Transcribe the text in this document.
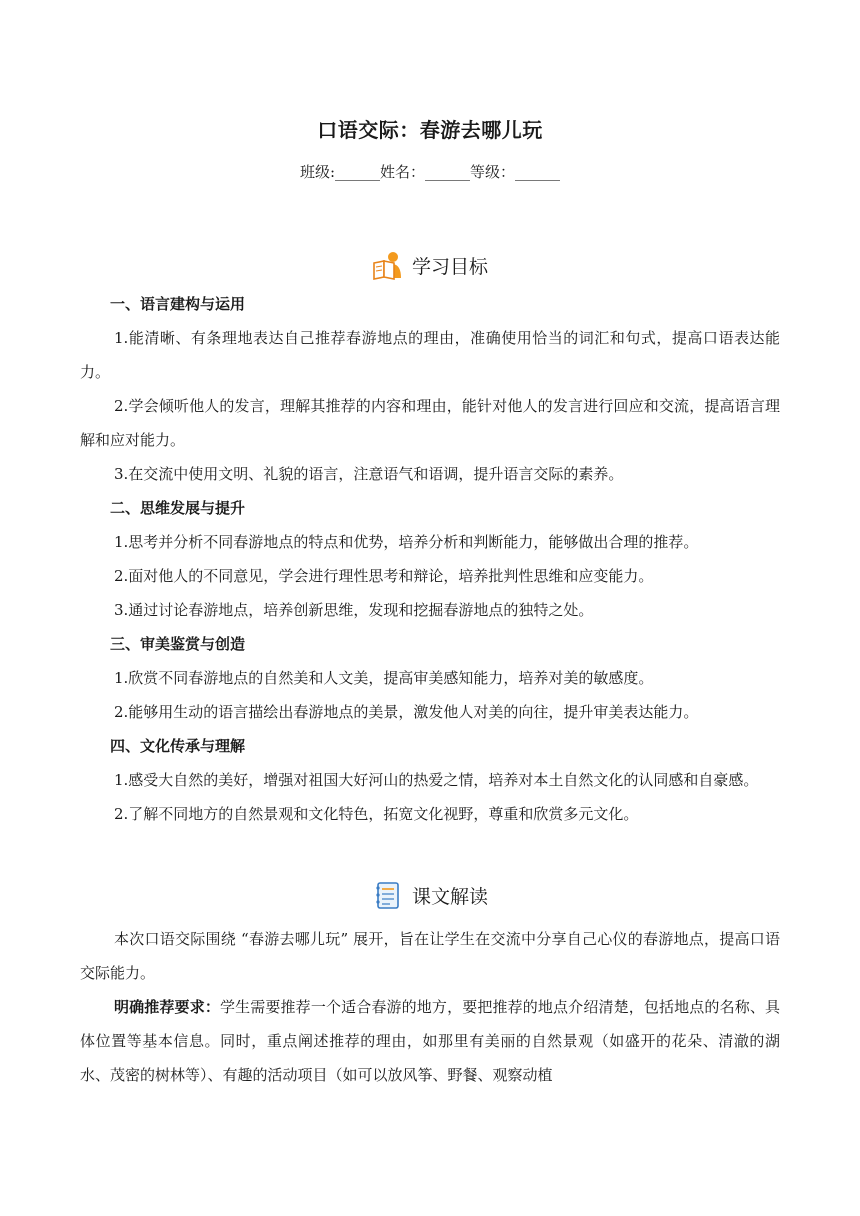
口语交际：春游去哪儿玩
班级:______姓名：______等级：______
学习目标
一、语言建构与运用
1.能清晰、有条理地表达自己推荐春游地点的理由，准确使用恰当的词汇和句式，提高口语表达能力。
2.学会倾听他人的发言，理解其推荐的内容和理由，能针对他人的发言进行回应和交流，提高语言理解和应对能力。
3.在交流中使用文明、礼貌的语言，注意语气和语调，提升语言交际的素养。
二、思维发展与提升
1.思考并分析不同春游地点的特点和优势，培养分析和判断能力，能够做出合理的推荐。
2.面对他人的不同意见，学会进行理性思考和辩论，培养批判性思维和应变能力。
3.通过讨论春游地点，培养创新思维，发现和挖掘春游地点的独特之处。
三、审美鉴赏与创造
1.欣赏不同春游地点的自然美和人文美，提高审美感知能力，培养对美的敏感度。
2.能够用生动的语言描绘出春游地点的美景，激发他人对美的向往，提升审美表达能力。
四、文化传承与理解
1.感受大自然的美好，增强对祖国大好河山的热爱之情，培养对本土自然文化的认同感和自豪感。
2.了解不同地方的自然景观和文化特色，拓宽文化视野，尊重和欣赏多元文化。
课文解读
本次口语交际围绕 “春游去哪儿玩” 展开，旨在让学生在交流中分享自己心仪的春游地点，提高口语交际能力。
明确推荐要求：学生需要推荐一个适合春游的地方，要把推荐的地点介绍清楚，包括地点的名称、具体位置等基本信息。同时，重点阐述推荐的理由，如那里有美丽的自然景观（如盛开的花朵、清澈的湖水、茂密的树林等）、有趣的活动项目（如可以放风筝、野餐、观察动植
